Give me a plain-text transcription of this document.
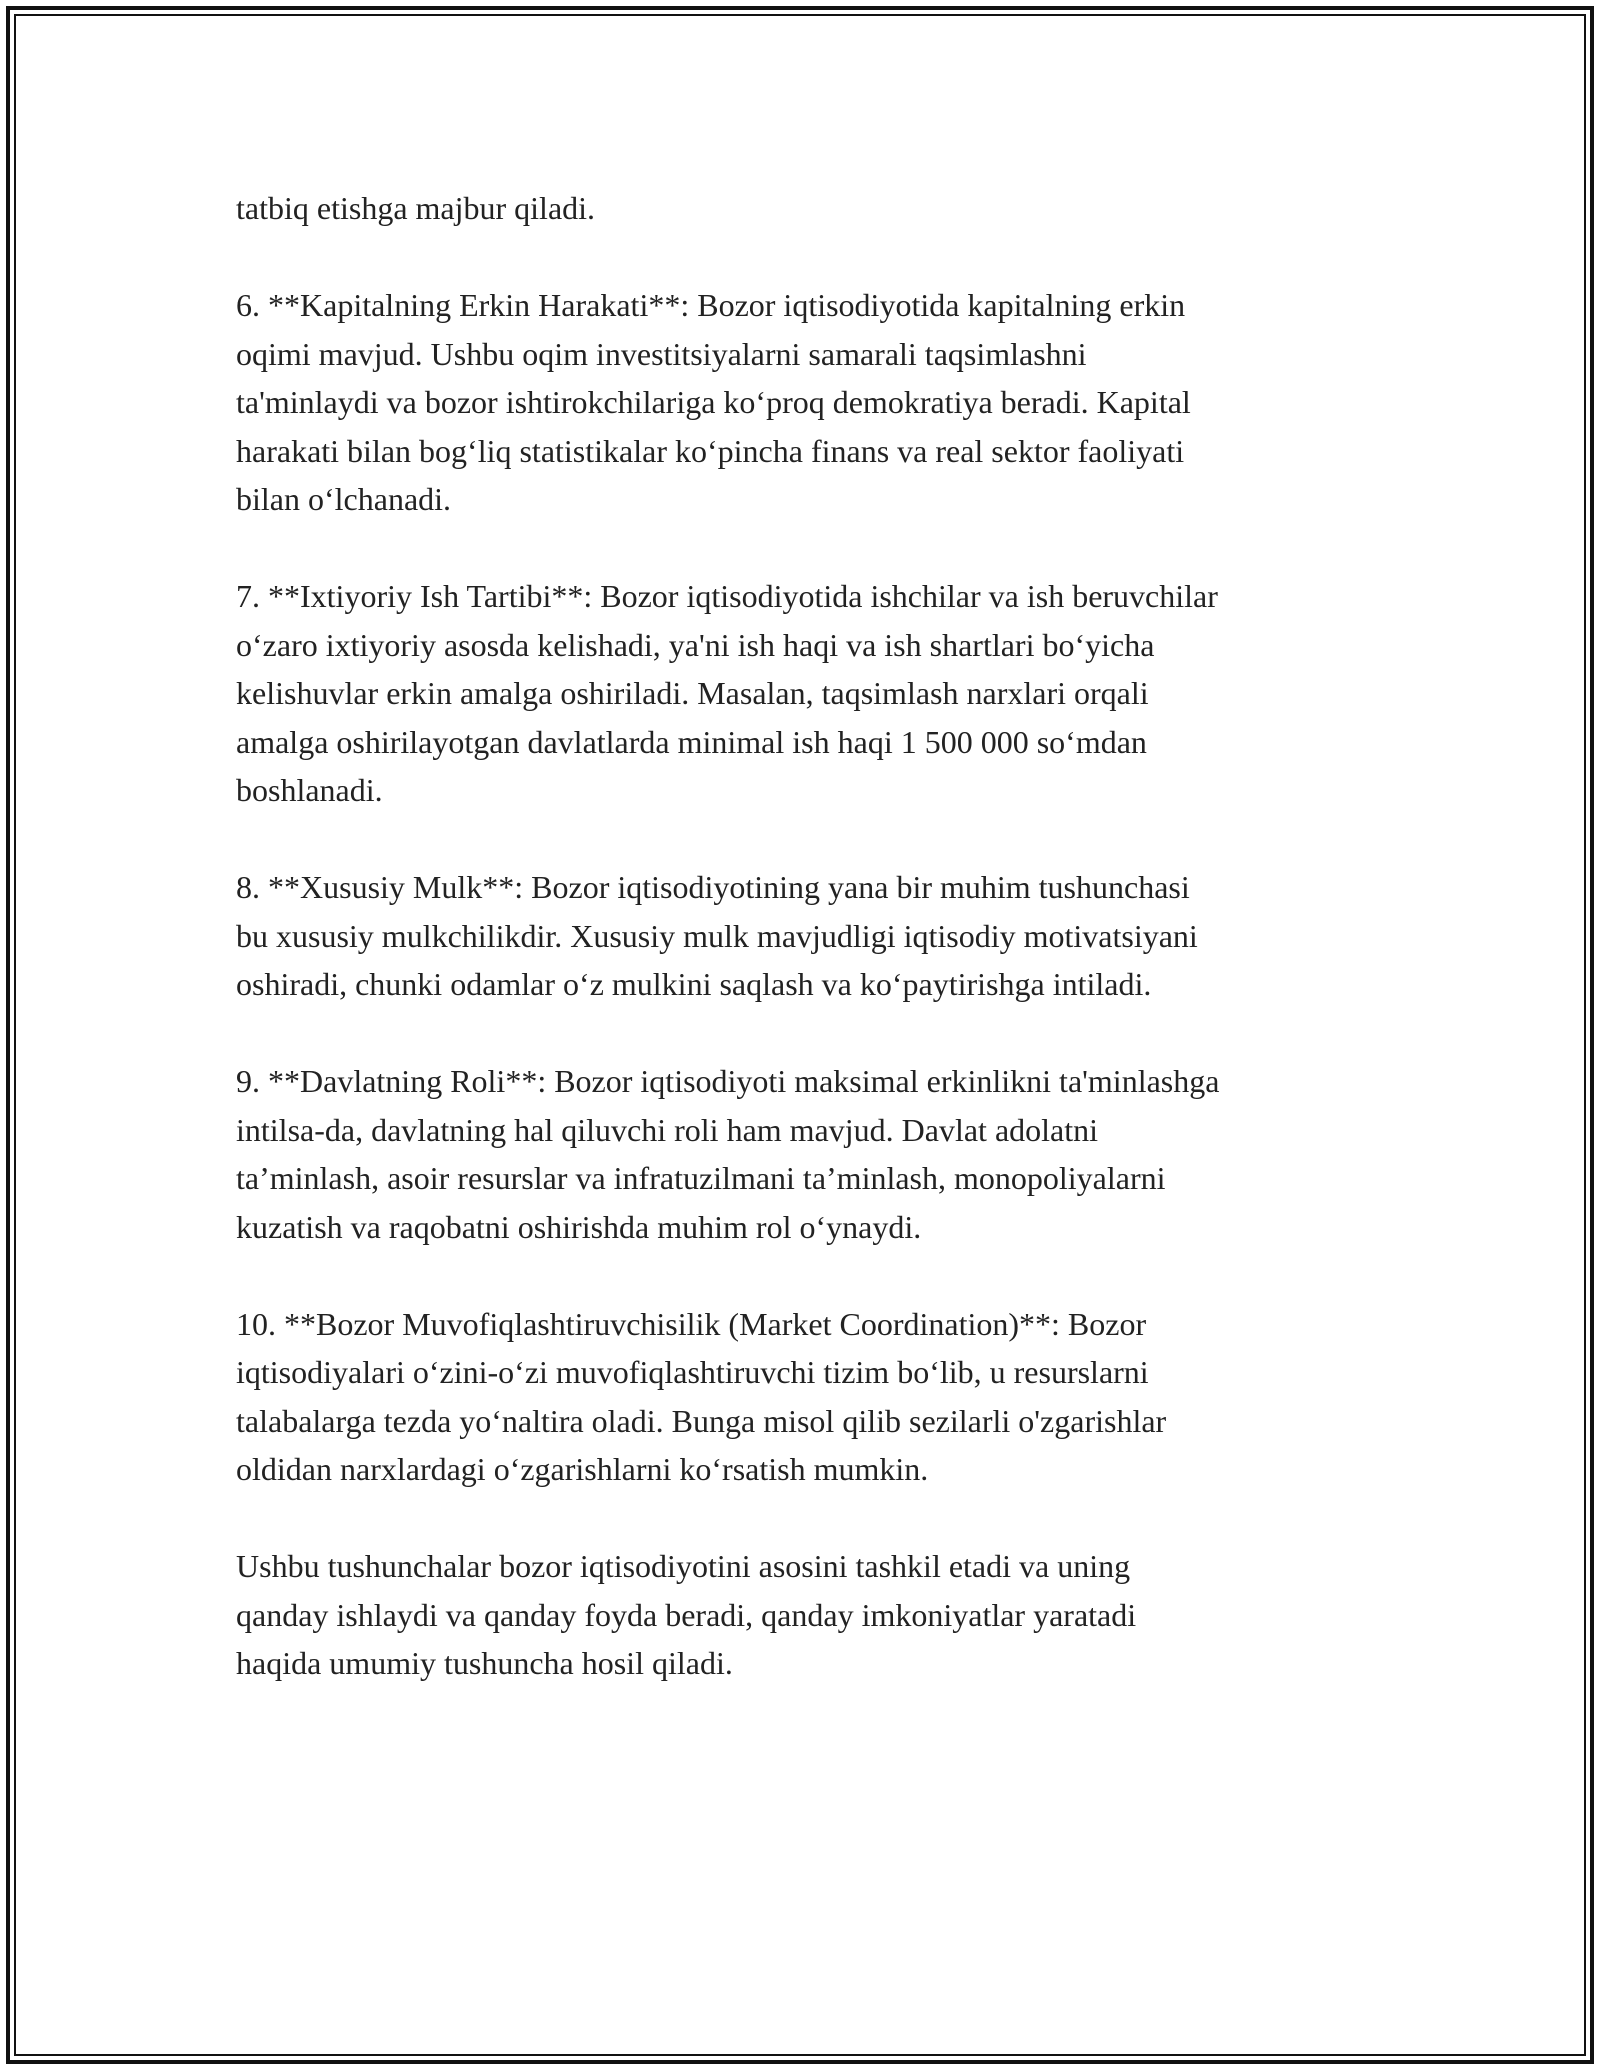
tatbiq etishga majbur qiladi.

6. **Kapitalning Erkin Harakati**: Bozor iqtisodiyotida kapitalning erkin
oqimi mavjud. Ushbu oqim investitsiyalarni samarali taqsimlashni
ta'minlaydi va bozor ishtirokchilariga ko‘proq demokratiya beradi. Kapital
harakati bilan bog‘liq statistikalar ko‘pincha finans va real sektor faoliyati
bilan o‘lchanadi.

7. **Ixtiyoriy Ish Tartibi**: Bozor iqtisodiyotida ishchilar va ish beruvchilar
o‘zaro ixtiyoriy asosda kelishadi, ya'ni ish haqi va ish shartlari bo‘yicha
kelishuvlar erkin amalga oshiriladi. Masalan, taqsimlash narxlari orqali
amalga oshirilayotgan davlatlarda minimal ish haqi 1 500 000 so‘mdan
boshlanadi.

8. **Xususiy Mulk**: Bozor iqtisodiyotining yana bir muhim tushunchasi
bu xususiy mulkchilikdir. Xususiy mulk mavjudligi iqtisodiy motivatsiyani
oshiradi, chunki odamlar o‘z mulkini saqlash va ko‘paytirishga intiladi.

9. **Davlatning Roli**: Bozor iqtisodiyoti maksimal erkinlikni ta'minlashga
intilsa-da, davlatning hal qiluvchi roli ham mavjud. Davlat adolatni
ta’minlash, asoir resurslar va infratuzilmani ta’minlash, monopoliyalarni
kuzatish va raqobatni oshirishda muhim rol o‘ynaydi.

10. **Bozor Muvofiqlashtiruvchisilik (Market Coordination)**: Bozor
iqtisodiyalari o‘zini-o‘zi muvofiqlashtiruvchi tizim bo‘lib, u resurslarni
talabalarga tezda yo‘naltira oladi. Bunga misol qilib sezilarli o'zgarishlar
oldidan narxlardagi o‘zgarishlarni ko‘rsatish mumkin.

Ushbu tushunchalar bozor iqtisodiyotini asosini tashkil etadi va uning
qanday ishlaydi va qanday foyda beradi, qanday imkoniyatlar yaratadi
haqida umumiy tushuncha hosil qiladi.
